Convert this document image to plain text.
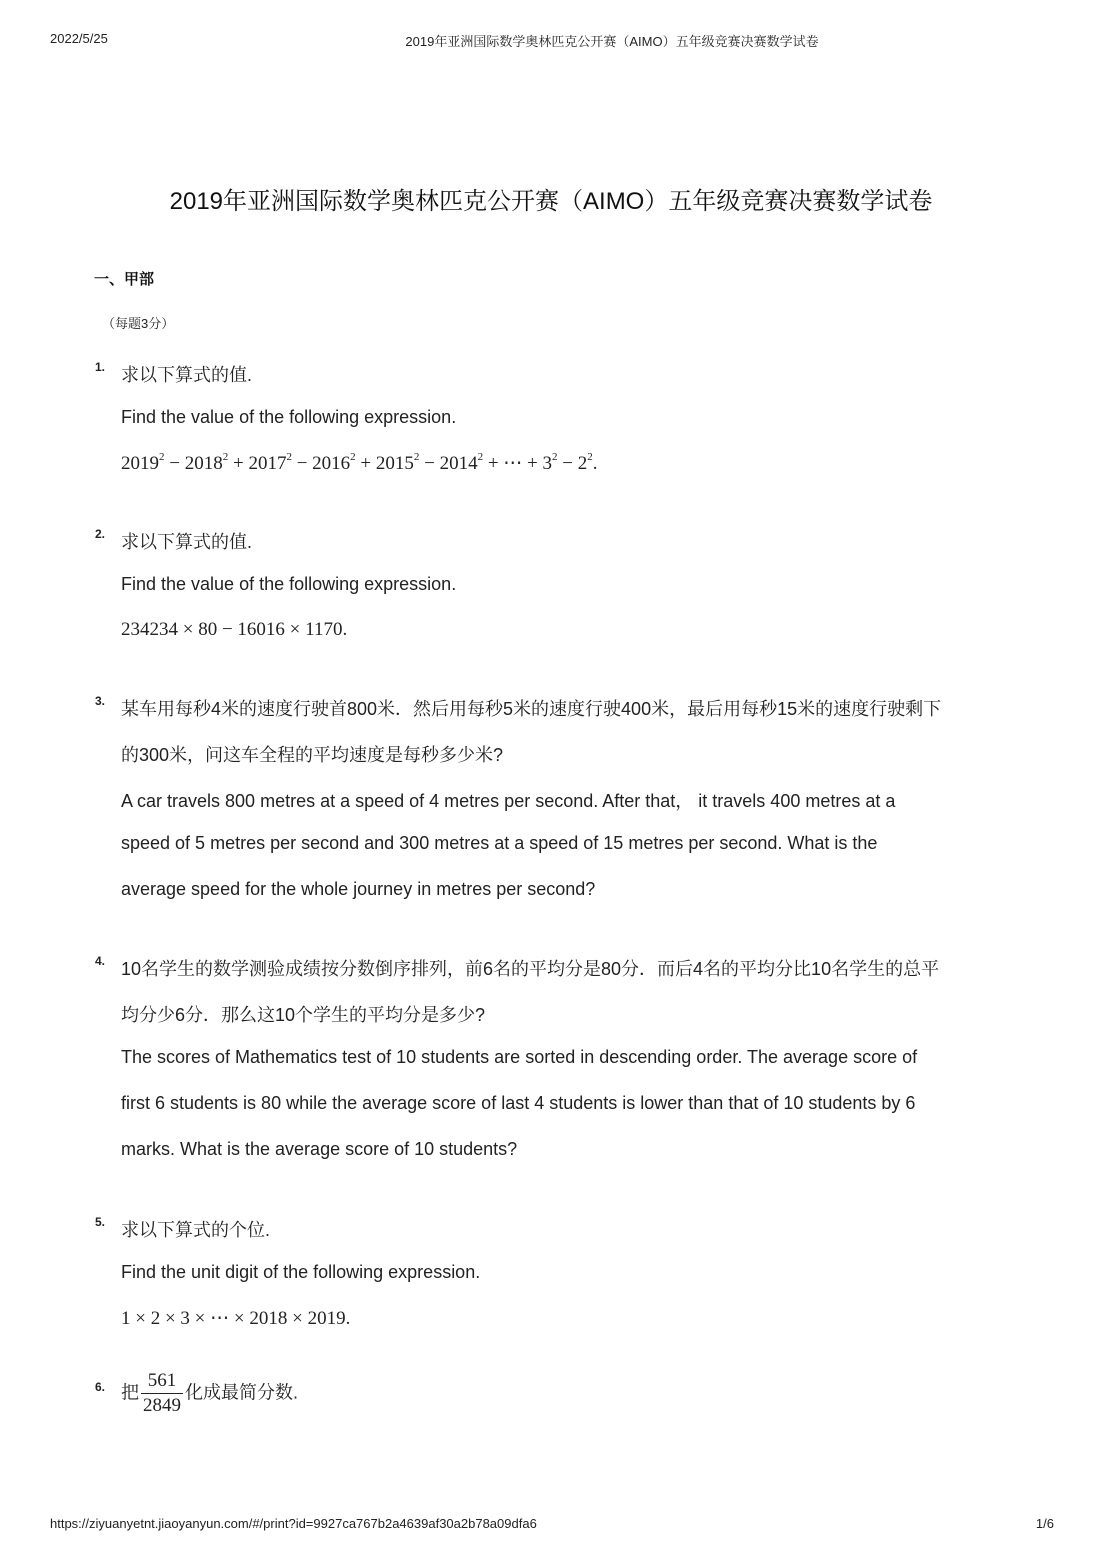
2022/5/25	2019年亚洲国际数学奥林匹克公开赛（AIMO）五年级竞赛决赛数学试卷
2019年亚洲国际数学奥林匹克公开赛（AIMO）五年级竞赛决赛数学试卷
一、甲部
（每题3分）
1. 求以下算式的值.
Find the value of the following expression.
$2019^2 - 2018^2 + 2017^2 - 2016^2 + 2015^2 - 2014^2$ + ⋯ + $3^2 - 2^2$.
2. 求以下算式的值.
Find the value of the following expression.
234234 × 80 − 16016 × 1170.
3. 某车用每秒4米的速度行驶首800米．然后用每秒5米的速度行驶400米，最后用每秒15米的速度行驶剩下
的300米，问这车全程的平均速度是每秒多少米?
A car travels 800 metres at a speed of 4 metres per second. After that， it travels 400 metres at a
speed of 5 metres per second and 300 metres at a speed of 15 metres per second. What is the
average speed for the whole journey in metres per second?
4. 10名学生的数学测验成绩按分数倒序排列，前6名的平均分是80分．而后4名的平均分比10名学生的总平
均分少6分．那么这10个学生的平均分是多少?
The scores of Mathematics test of 10 students are sorted in descending order. The average score of
first 6 students is 80 while the average score of last 4 students is lower than that of 10 students by 6
marks. What is the average score of 10 students?
5. 求以下算式的个位.
Find the unit digit of the following expression.
1 × 2 × 3 × ⋯ × 2018 × 2019.
6. 把 $\frac{561}{2849}$ 化成最简分数.
https://ziyuanyetnt.jiaoyanyun.com/#/print?id=9927ca767b2a4639af30a2b78a09dfa6	1/6
